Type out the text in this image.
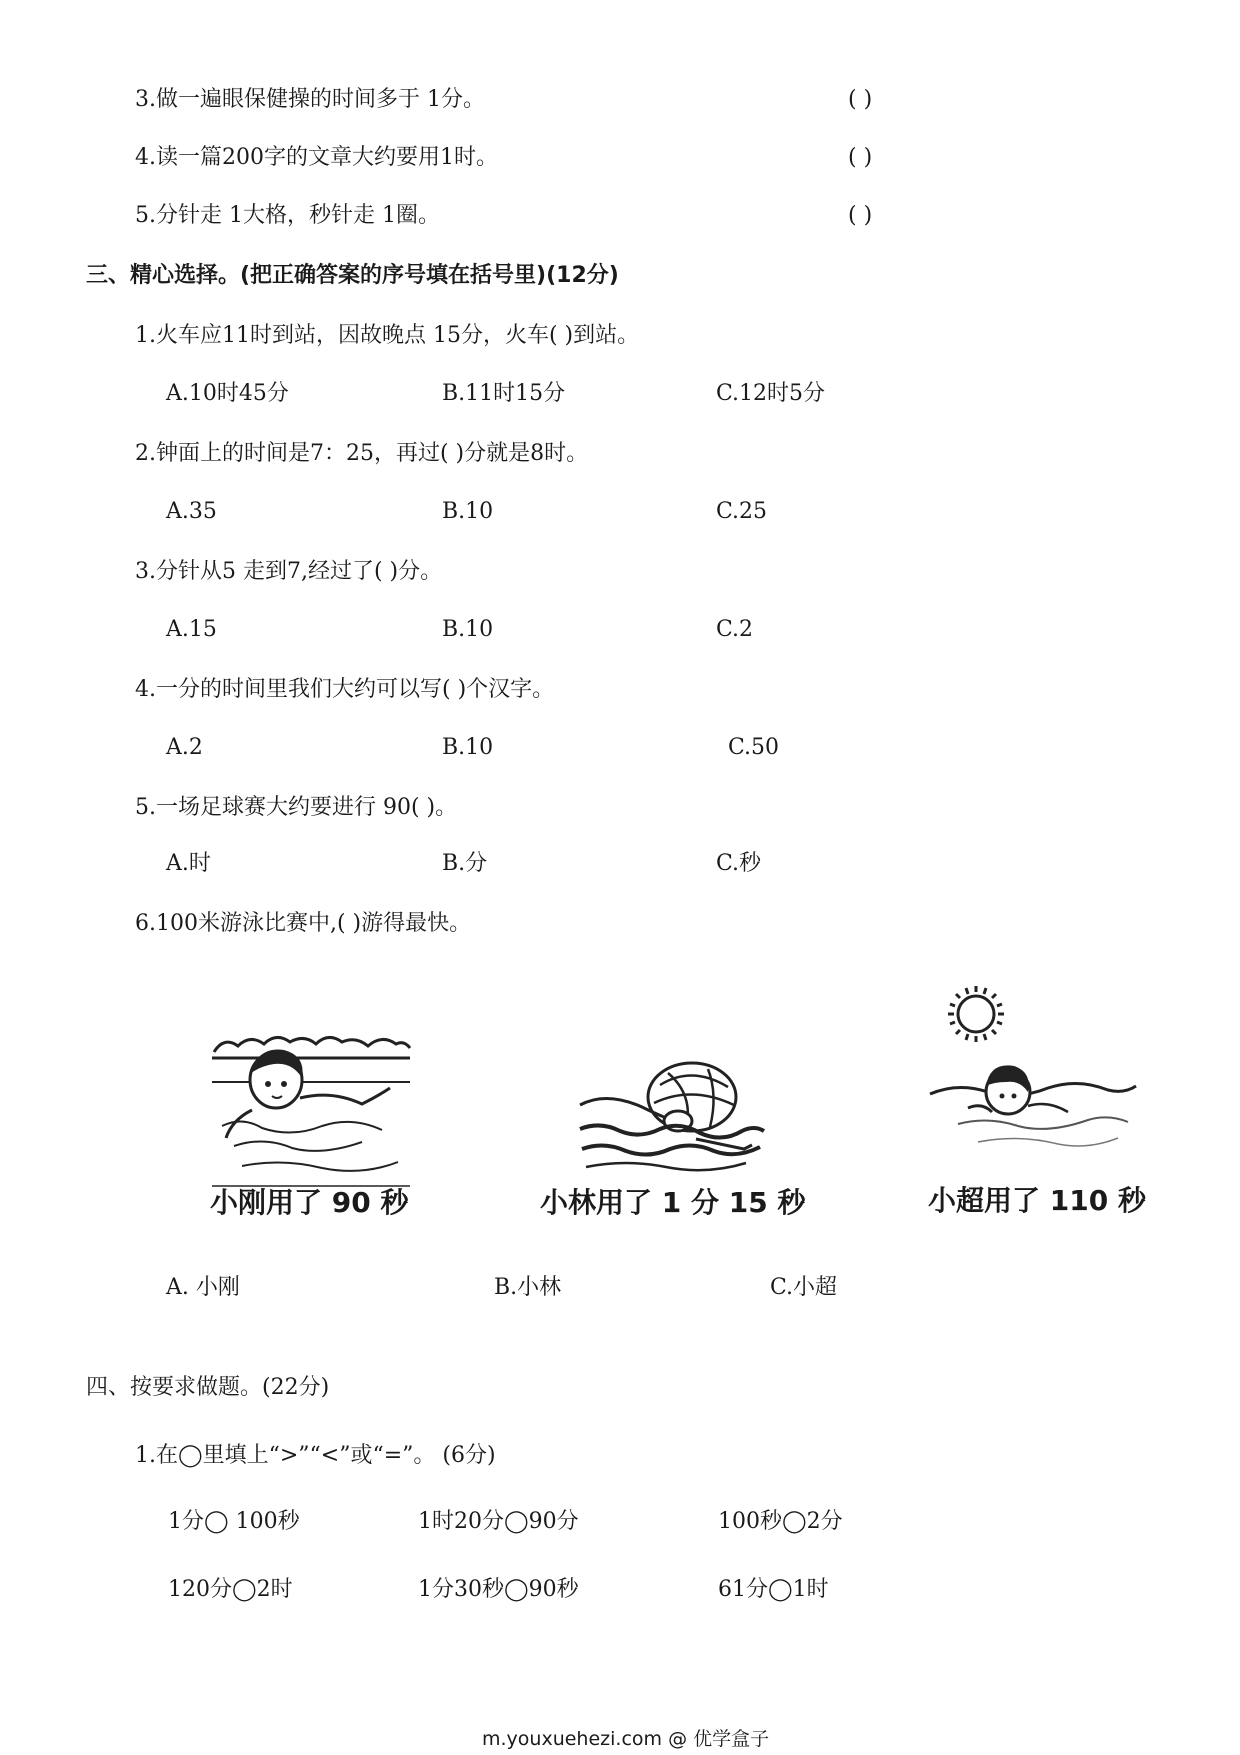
3.做一遍眼保健操的时间多于 1分。	( )
4.读一篇200字的文章大约要用1时。	( )
5.分针走 1大格，秒针走 1圈。	( )
三、精心选择。(把正确答案的序号填在括号里)(12分)
1.火车应11时到站，因故晚点 15分，火车( )到站。
A.10时45分	B.11时15分	C.12时5分
2.钟面上的时间是7：25，再过( )分就是8时。
A.35	B.10	C.25
3.分针从5 走到7,经过了( )分。
A.15	B.10	C.2
4.一分的时间里我们大约可以写( )个汉字。
A.2	B.10	C.50
5.一场足球赛大约要进行 90( )。
A.时	B.分	C.秒
6.100米游泳比赛中,( )游得最快。
小刚用了 90 秒	小林用了 1 分 15 秒	小超用了 110 秒
A. 小刚	B.小林	C.小超
四、按要求做题。(22分)
1.在◯里填上“>”“<”或“=”。 (6分)
1分◯ 100秒	1时20分◯90分	100秒◯2分
120分◯2时	1分30秒◯90秒	61分◯1时
m.youxuehezi.com @ 优学盒子
